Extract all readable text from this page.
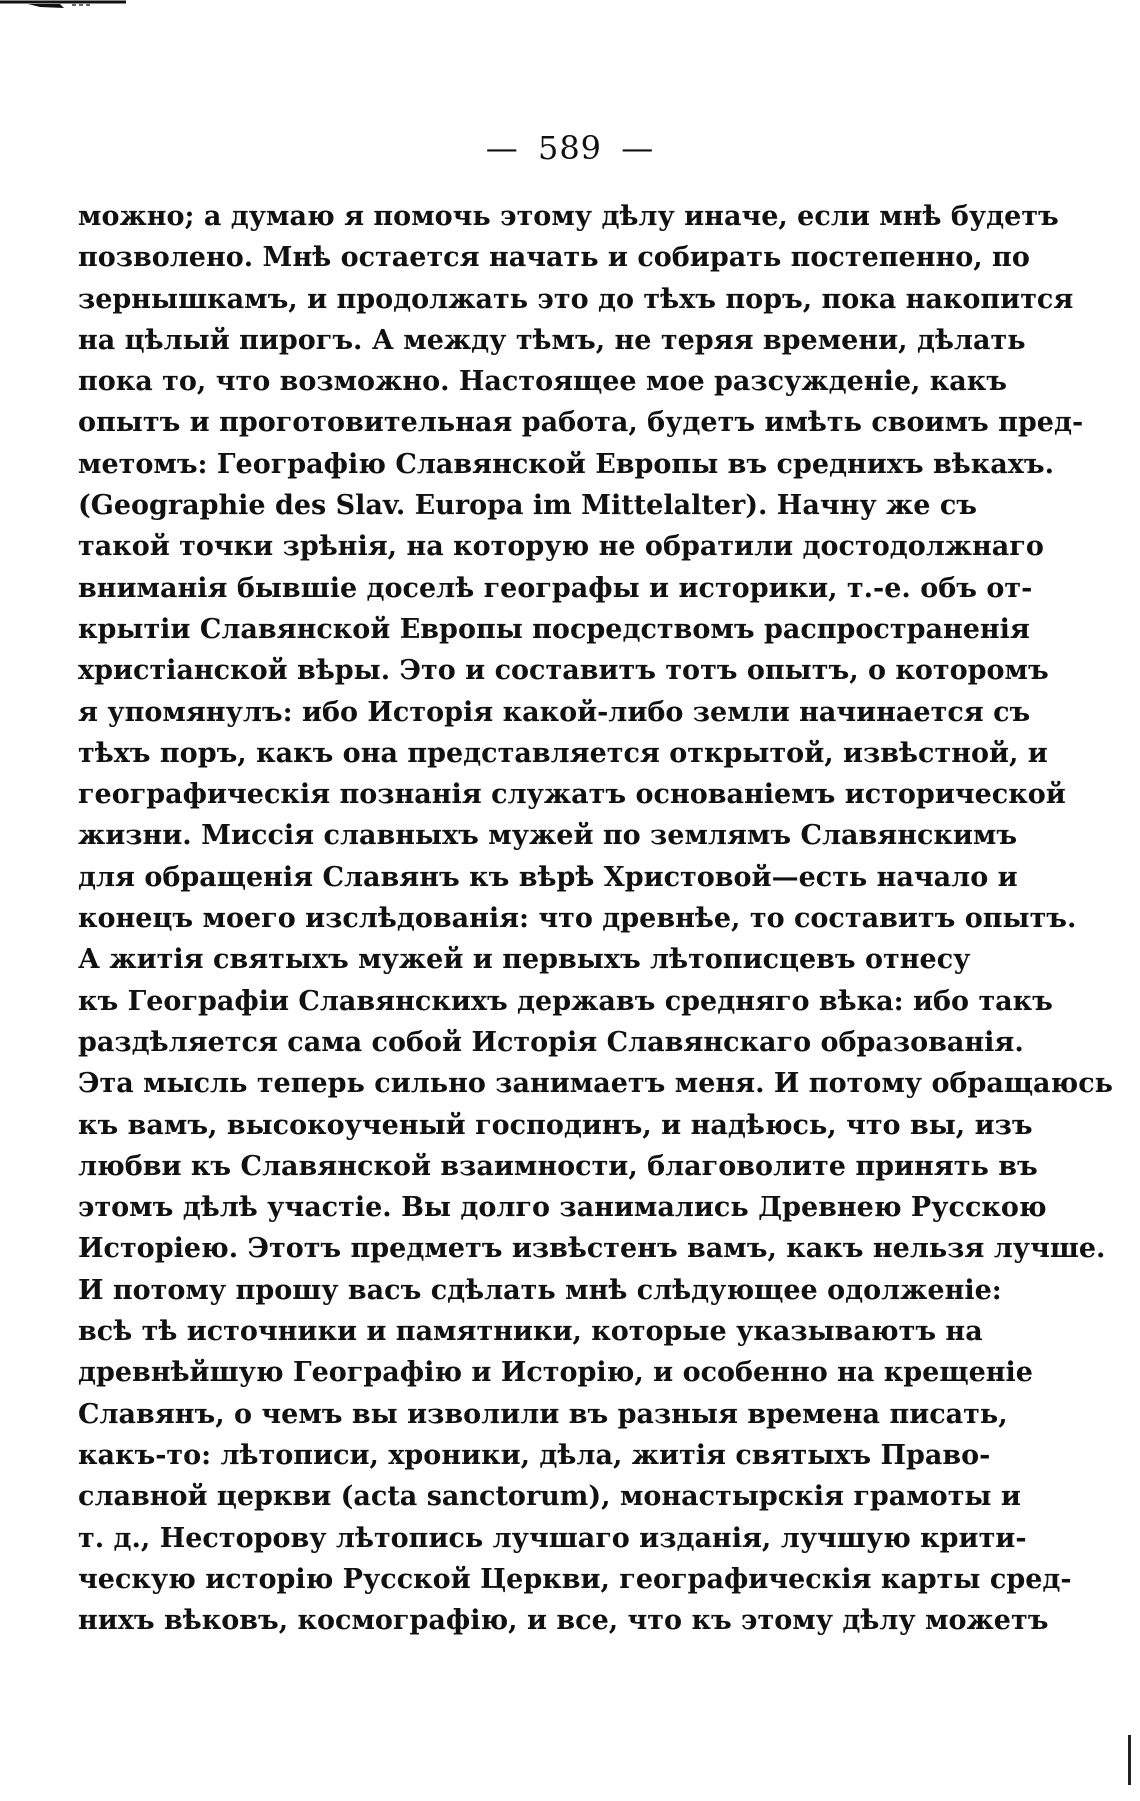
— 589 —
можно; а думаю я помочь этому дѣлу иначе, если мнѣ будетъ
позволено. Мнѣ остается начать и собирать постепенно, по
зернышкамъ, и продолжать это до тѣхъ поръ, пока накопится
на цѣлый пирогъ. А между тѣмъ, не теряя времени, дѣлать
пока то, что возможно. Настоящее мое разсужденіе, какъ
опытъ и проготовительная работа, будетъ имѣть своимъ пред-
метомъ: Географію Славянской Европы въ среднихъ вѣкахъ.
(Geographie des Slav. Europa im Mittelalter). Начну же съ
такой точки зрѣнія, на которую не обратили достодолжнаго
вниманія бывшіе доселѣ географы и историки, т.-е. объ от-
крытіи Славянской Европы посредствомъ распространенія
христіанской вѣры. Это и составитъ тотъ опытъ, о которомъ
я упомянулъ: ибо Исторія какой-либо земли начинается съ
тѣхъ поръ, какъ она представляется открытой, извѣстной, и
географическія познанія служатъ основаніемъ исторической
жизни. Миссія славныхъ мужей по землямъ Славянскимъ
для обращенія Славянъ къ вѣрѣ Христовой—есть начало и
конецъ моего изслѣдованія: что древнѣе, то составитъ опытъ.
А житія святыхъ мужей и первыхъ лѣтописцевъ отнесу
къ Географіи Славянскихъ державъ средняго вѣка: ибо такъ
раздѣляется сама собой Исторія Славянскаго образованія.
Эта мысль теперь сильно занимаетъ меня. И потому обращаюсь
къ вамъ, высокоученый господинъ, и надѣюсь, что вы, изъ
любви къ Славянской взаимности, благоволите принять въ
этомъ дѣлѣ участіе. Вы долго занимались Древнею Русскою
Исторіею. Этотъ предметъ извѣстенъ вамъ, какъ нельзя лучше.
И потому прошу васъ сдѣлать мнѣ слѣдующее одолженіе:
всѣ тѣ источники и памятники, которые указываютъ на
древнѣйшую Географію и Исторію, и особенно на крещеніе
Славянъ, о чемъ вы изволили въ разныя времена писать,
какъ-то: лѣтописи, хроники, дѣла, житія святыхъ Право-
славной церкви (acta sanctorum), монастырскія грамоты и
т. д., Несторову лѣтопись лучшаго изданія, лучшую крити-
ческую исторію Русской Церкви, географическія карты сред-
нихъ вѣковъ, космографію, и все, что къ этому дѣлу можетъ
